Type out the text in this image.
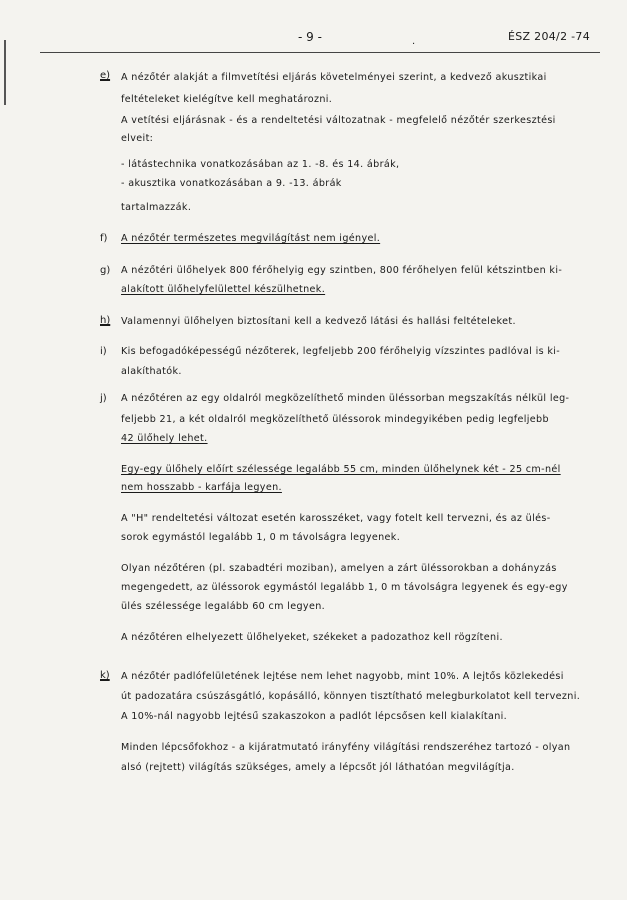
- 9 -	.	ÉSZ 204/2 -74
e) A nézőtér alakját a filmvetítési eljárás követelményei szerint, a kedvező akusztikai
feltételeket kielégítve kell meghatározni.
A vetítési eljárásnak - és a rendeltetési változatnak - megfelelő nézőtér szerkesztési
elveit:
- látástechnika vonatkozásában az 1. -8. és 14. ábrák,
- akusztika vonatkozásában a 9. -13. ábrák
tartalmazzák.
f) A nézőtér természetes megvilágítást nem igényel.
g) A nézőtéri ülőhelyek 800 férőhelyig egy szintben, 800 férőhelyen felül kétszintben ki-
alakított ülőhelyfelülettel készülhetnek.
h) Valamennyi ülőhelyen biztosítani kell a kedvező látási és hallási feltételeket.
i) Kis befogadóképességű nézőterek, legfeljebb 200 férőhelyig vízszintes padlóval is ki-
alakíthatók.
j) A nézőtéren az egy oldalról megközelíthető minden üléssorban megszakítás nélkül leg-
feljebb 21, a két oldalról megközelíthető üléssorok mindegyikében pedig legfeljebb
42 ülőhely lehet.
Egy-egy ülőhely előírt szélessége legalább 55 cm, minden ülőhelynek két - 25 cm-nél
nem hosszabb - karfája legyen.
A "H" rendeltetési változat esetén karosszéket, vagy fotelt kell tervezni, és az ülés-
sorok egymástól legalább 1, 0 m távolságra legyenek.
Olyan nézőtéren (pl. szabadtéri moziban), amelyen a zárt üléssorokban a dohányzás
megengedett, az üléssorok egymástól legalább 1, 0 m távolságra legyenek és egy-egy
ülés szélessége legalább 60 cm legyen.
A nézőtéren elhelyezett ülőhelyeket, székeket a padozathoz kell rögzíteni.
k) A nézőtér padlófelületének lejtése nem lehet nagyobb, mint 10%. A lejtős közlekedési
út padozatára csúszásgátló, kopásálló, könnyen tisztítható melegburkolatot kell tervezni.
A 10%-nál nagyobb lejtésű szakaszokon a padlót lépcsősen kell kialakítani.
Minden lépcsőfokhoz - a kijáratmutató irányfény világítási rendszeréhez tartozó - olyan
alsó (rejtett) világítás szükséges, amely a lépcsőt jól láthatóan megvilágítja.
